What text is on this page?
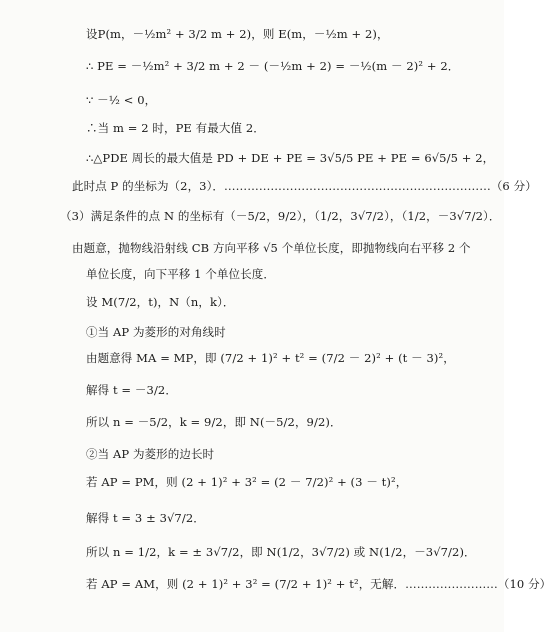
设P(m，－½m² + 3/2 m + 2)，则 E(m，－½m + 2)，
∴ PE = －½m² + 3/2 m + 2 － (－½m + 2) = －½(m － 2)² + 2．
∵ －½ < 0，
∴当 m = 2 时，PE 有最大值 2．
∴△PDE 周长的最大值是 PD + DE + PE = 3√5/5 PE + PE = 6√5/5 + 2，
此时点 P 的坐标为（2，3）．……………………………………………………………（6 分）
（3）满足条件的点 N 的坐标有（－5/2，9/2），（1/2，3√7/2），（1/2，－3√7/2）．
由题意，抛物线沿射线 CB 方向平移 √5 个单位长度，即抛物线向右平移 2 个
单位长度，向下平移 1 个单位长度．
设 M(7/2，t)，N（n，k）．
①当 AP 为菱形的对角线时
由题意得 MA = MP，即 (7/2 + 1)² + t² = (7/2 － 2)² + (t － 3)²，
解得 t = －3/2．
所以 n = －5/2，k = 9/2，即 N(－5/2，9/2)．
②当 AP 为菱形的边长时
若 AP = PM，则 (2 + 1)² + 3² = (2 － 7/2)² + (3 － t)²，
解得 t = 3 ± 3√7/2．
所以 n = 1/2，k = ± 3√7/2，即 N(1/2，3√7/2) 或 N(1/2，－3√7/2)．
若 AP = AM，则 (2 + 1)² + 3² = (7/2 + 1)² + t²，无解．……………………（10 分）
